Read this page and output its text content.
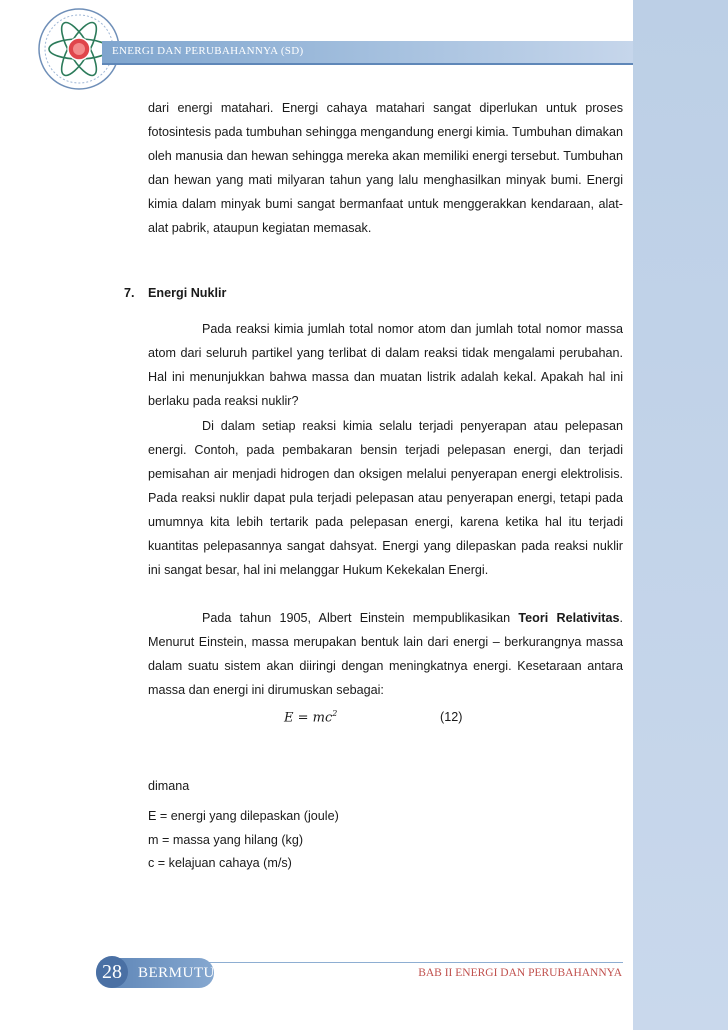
ENERGI DAN PERUBAHANNYA (SD)

dari energi matahari. Energi cahaya matahari sangat diperlukan untuk proses fotosintesis pada tumbuhan sehingga mengandung energi kimia. Tumbuhan dimakan oleh manusia dan hewan sehingga mereka akan memiliki energi tersebut. Tumbuhan dan hewan yang mati milyaran tahun yang lalu menghasilkan minyak bumi. Energi kimia dalam minyak bumi sangat bermanfaat untuk menggerakkan kendaraan, alat-alat pabrik, ataupun kegiatan memasak.

7. Energi Nuklir

Pada reaksi kimia jumlah total nomor atom dan jumlah total nomor massa atom dari seluruh partikel yang terlibat di dalam reaksi tidak mengalami perubahan. Hal ini menunjukkan bahwa massa dan muatan listrik adalah kekal. Apakah hal ini berlaku pada reaksi nuklir?

Di dalam setiap reaksi kimia selalu terjadi penyerapan atau pelepasan energi. Contoh, pada pembakaran bensin terjadi pelepasan energi, dan terjadi pemisahan air menjadi hidrogen dan oksigen melalui penyerapan energi elektrolisis. Pada reaksi nuklir dapat pula terjadi pelepasan atau penyerapan energi, tetapi pada umumnya kita lebih tertarik pada pelepasan energi, karena ketika hal itu terjadi kuantitas pelepasannya sangat dahsyat. Energi yang dilepaskan pada reaksi nuklir ini sangat besar, hal ini melanggar Hukum Kekekalan Energi.

Pada tahun 1905, Albert Einstein mempublikasikan Teori Relativitas. Menurut Einstein, massa merupakan bentuk lain dari energi – berkurangnya massa dalam suatu sistem akan diiringi dengan meningkatnya energi. Kesetaraan antara massa dan energi ini dirumuskan sebagai:

$E = mc^2$	(12)
dimana
E = energi yang dilepaskan (joule)
m = massa yang hilang (kg)
c = kelajuan cahaya (m/s)
28	BERMUTU	BAB II ENERGI DAN PERUBAHANNYA
